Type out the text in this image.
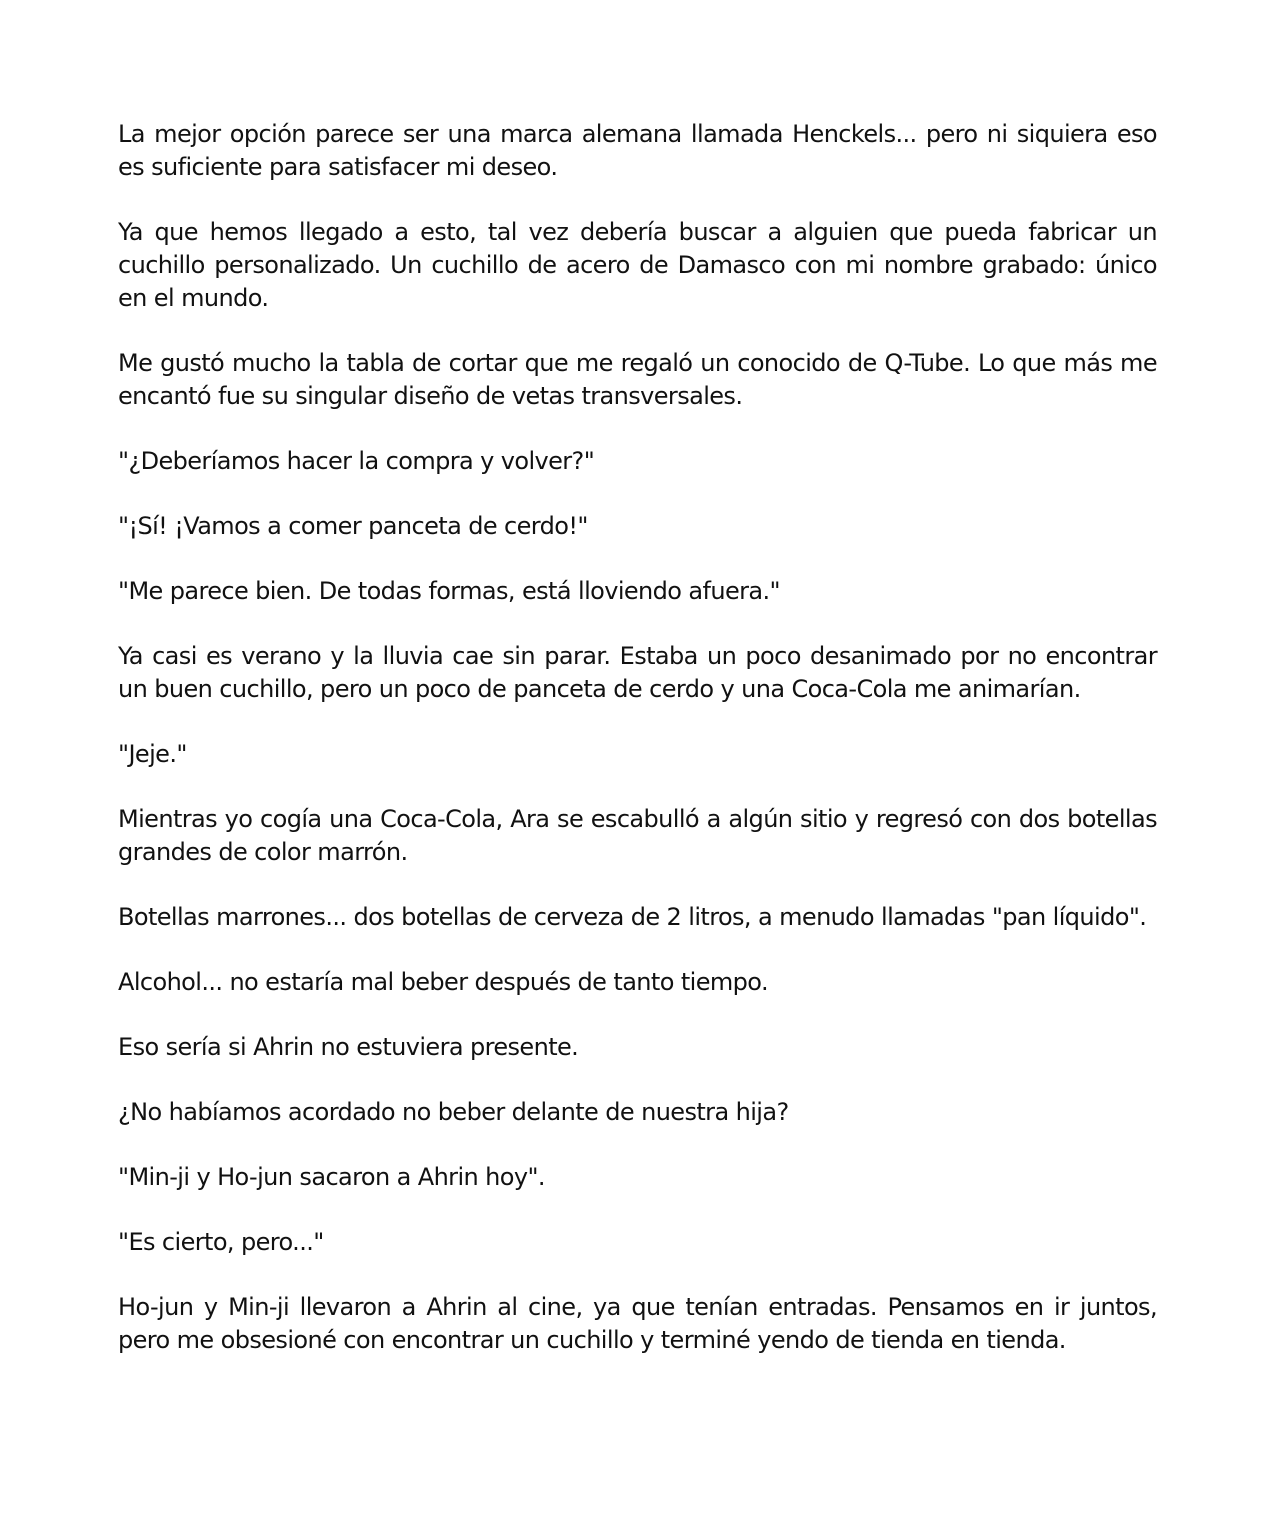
La mejor opción parece ser una marca alemana llamada Henckels... pero ni siquiera eso es suficiente para satisfacer mi deseo.

Ya que hemos llegado a esto, tal vez debería buscar a alguien que pueda fabricar un cuchillo personalizado. Un cuchillo de acero de Damasco con mi nombre grabado: único en el mundo.

Me gustó mucho la tabla de cortar que me regaló un conocido de Q-Tube. Lo que más me encantó fue su singular diseño de vetas transversales.

"¿Deberíamos hacer la compra y volver?"

"¡Sí! ¡Vamos a comer panceta de cerdo!"

"Me parece bien. De todas formas, está lloviendo afuera."

Ya casi es verano y la lluvia cae sin parar. Estaba un poco desanimado por no encontrar un buen cuchillo, pero un poco de panceta de cerdo y una Coca-Cola me animarían.

"Jeje."

Mientras yo cogía una Coca-Cola, Ara se escabulló a algún sitio y regresó con dos botellas grandes de color marrón.

Botellas marrones... dos botellas de cerveza de 2 litros, a menudo llamadas "pan líquido".

Alcohol... no estaría mal beber después de tanto tiempo.

Eso sería si Ahrin no estuviera presente.

¿No habíamos acordado no beber delante de nuestra hija?

"Min-ji y Ho-jun sacaron a Ahrin hoy".

"Es cierto, pero..."

Ho-jun y Min-ji llevaron a Ahrin al cine, ya que tenían entradas. Pensamos en ir juntos, pero me obsesioné con encontrar un cuchillo y terminé yendo de tienda en tienda.
